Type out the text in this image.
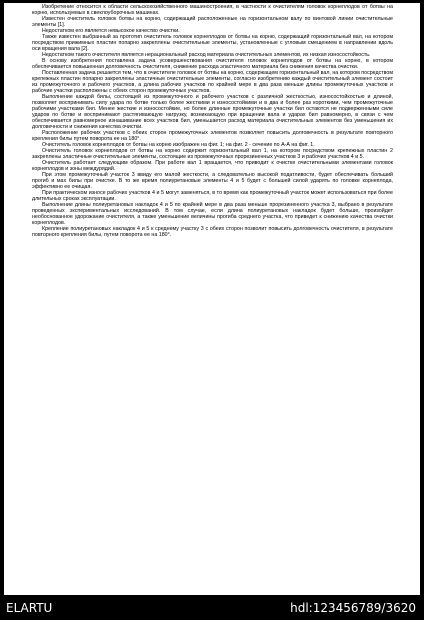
Изобретение относится к области сельскохозяйственного машиностроения, в частности к очистителям головок корнеплодов от ботвы на корню, используемых в свеклоуборочных машинах.

Известен очиститель головок ботвы на корню, содержащий расположенные на горизонтальном валу по винтовой линии очистительные элементы [1].

Недостатком его является невысокое качество очистки.

Также известен выбранный за прототип очиститель головок корнеплодов от ботвы на корню, содержащий горизонтальный вал, на котором посредством прижимных пластин попарно закреплены очистительные элементы, установленные с угловым смещением в направлении вдоль оси вращения вала [2].

Недостатком такого очистителя является нерациональный расход материала очистительных элементов, их низкая износостойкость.

В основу изобретения поставлена задача усовершенствования очистителя головок корнеплодов от ботвы на корню, в котором обеспечивается повышенная долговечность очистителя, снижение расхода эластичного материала без снижения качества очистки.

Поставленная задача решается тем, что в очистителе головок от ботвы на корню, содержащем горизонтальный вал, на котором посредством крепежных пластин попарно закреплены эластичные очистительные элементы, согласно изобретению каждый очистительный элемент состоит из промежуточного и рабочего участков, а длина рабочих участков по крайней мере в два раза меньше длины промежуточных участков и рабочие участки расположены с обеих сторон промежуточных участков.

Выполнение каждой билы, состоящей из промежуточного и рабочего участков с различной жесткостью, износостойкостью и длиной, позволяет воспринимать силу удара по ботве только более жесткими и износостойкими и в два и более раз короткими, чем промежуточные рабочими участками бил. Менее жесткие и износостойкие, но более длинные промежуточные участки бил остаются не подверженными силе ударов по ботве и воспринимают растягивающую нагрузку, возникающую при вращении вала и ударах бил равномерно, в связи с чем обеспечивается равномерное изнашивание всех участков бил, уменьшается расход материала очистительных элементов без уменьшения их долговечности и снижения качества очистки.

Расположение рабочих участков с обеих сторон промежуточных элементов позволяет повысить долговечность в результате повторного крепления билы путем поворота ее на 180°.

Очиститель головок корнеплодов от ботвы на корню изображен на фиг. 1; на фиг. 2 - сечение по А-А на фиг. 1.

Очиститель головок корнеплодов от ботвы на корню содержит горизонтальный вал 1, на котором посредством крепежных пластин 2 закреплены эластичные очистительные элементы, состоящие из промежуточных прорезиненных участков 3 и рабочих участков 4 и 5.

Очиститель работает следующим образом. При работе вал 1 вращается, что приводит к очистке очистительными элементами головок корнеплодов и зоны междурядий.

При этом промежуточный участок 3 ввиду его малой жесткости, а следовательно высокой податливости, будет обеспечивать больший прогиб и мах билы при очистке. В то же время полиуретановые элементы 4 и 5 будет с большей силой ударять по головке корнеплода, эффективно ее очищая.

При практическом износе рабочих участков 4 и 5 могут заменяться, в то время как промежуточный участок может использоваться при более длительных сроках эксплуатации.

Выполнение длины полиуретановых накладок 4 и 5 по крайней мере в два раза меньше прорезиненного участка 3, выбрано в результате проведенных экспериментальных исследований. В том случае, если длина полиуретановых накладок будет больше, произойдет необоснованное удорожание очистителя, а также уменьшение величины прогиба среднего участка, что приведет к снижению качества очистки корнеплодов.

Крепление полиуретановых накладок 4 и 5 к среднему участку 3 с обеих сторон позволит повысить долговечность очистителя, в результате повторного крепления билы, путем поворота ее на 180°.

ELARTU	hdl:123456789/3620
